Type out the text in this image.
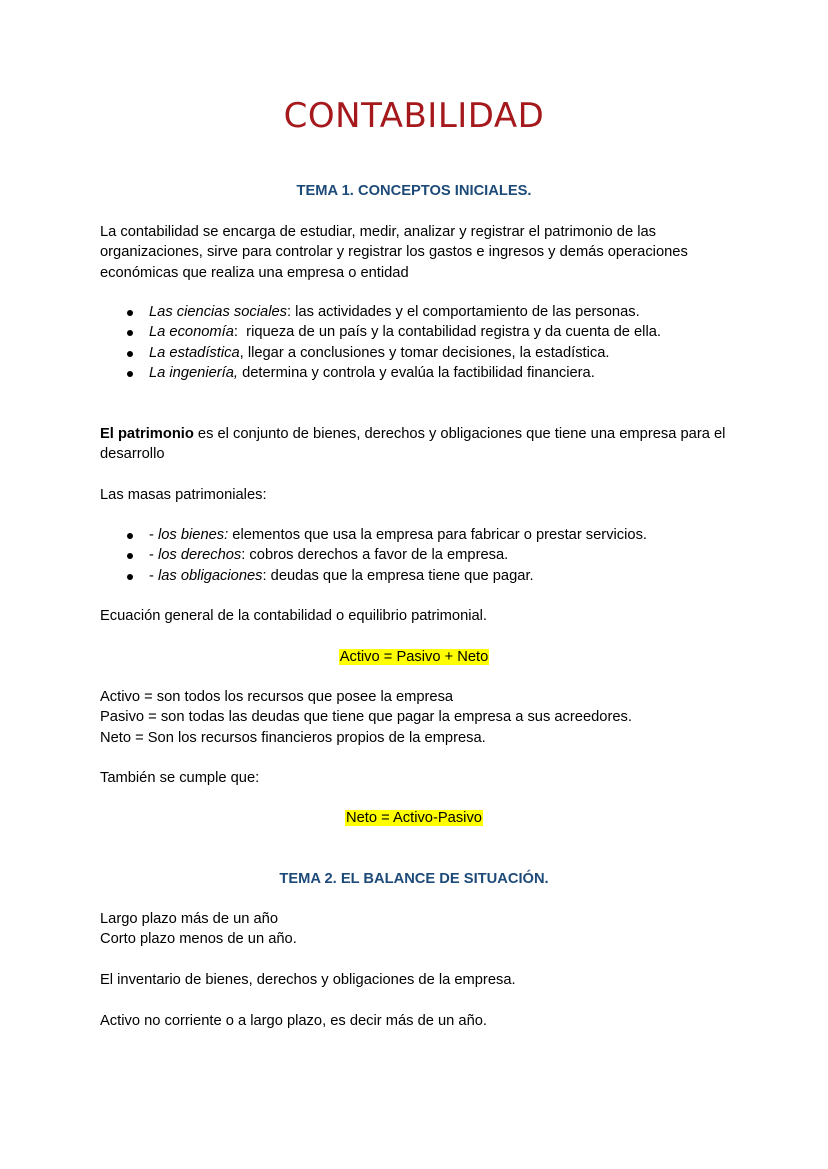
CONTABILIDAD
TEMA 1. CONCEPTOS INICIALES.

La contabilidad se encarga de estudiar, medir, analizar y registrar el patrimonio de las organizaciones, sirve para controlar y registrar los gastos e ingresos y demás operaciones económicas que realiza una empresa o entidad

Las ciencias sociales: las actividades y el comportamiento de las personas.
La economía:  riqueza de un país y la contabilidad registra y da cuenta de ella.
La estadística, llegar a conclusiones y tomar decisiones, la estadística.
La ingeniería, determina y controla y evalúa la factibilidad financiera.

El patrimonio es el conjunto de bienes, derechos y obligaciones que tiene una empresa para el desarrollo

Las masas patrimoniales:

- los bienes: elementos que usa la empresa para fabricar o prestar servicios.
- los derechos: cobros derechos a favor de la empresa.
- las obligaciones: deudas que la empresa tiene que pagar.

Ecuación general de la contabilidad o equilibrio patrimonial.

Activo = Pasivo + Neto

Activo = son todos los recursos que posee la empresa
Pasivo = son todas las deudas que tiene que pagar la empresa a sus acreedores.
Neto = Son los recursos financieros propios de la empresa.

También se cumple que:

Neto = Activo-Pasivo

TEMA 2. EL BALANCE DE SITUACIÓN.

Largo plazo más de un año
Corto plazo menos de un año.

El inventario de bienes, derechos y obligaciones de la empresa.

Activo no corriente o a largo plazo, es decir más de un año.
